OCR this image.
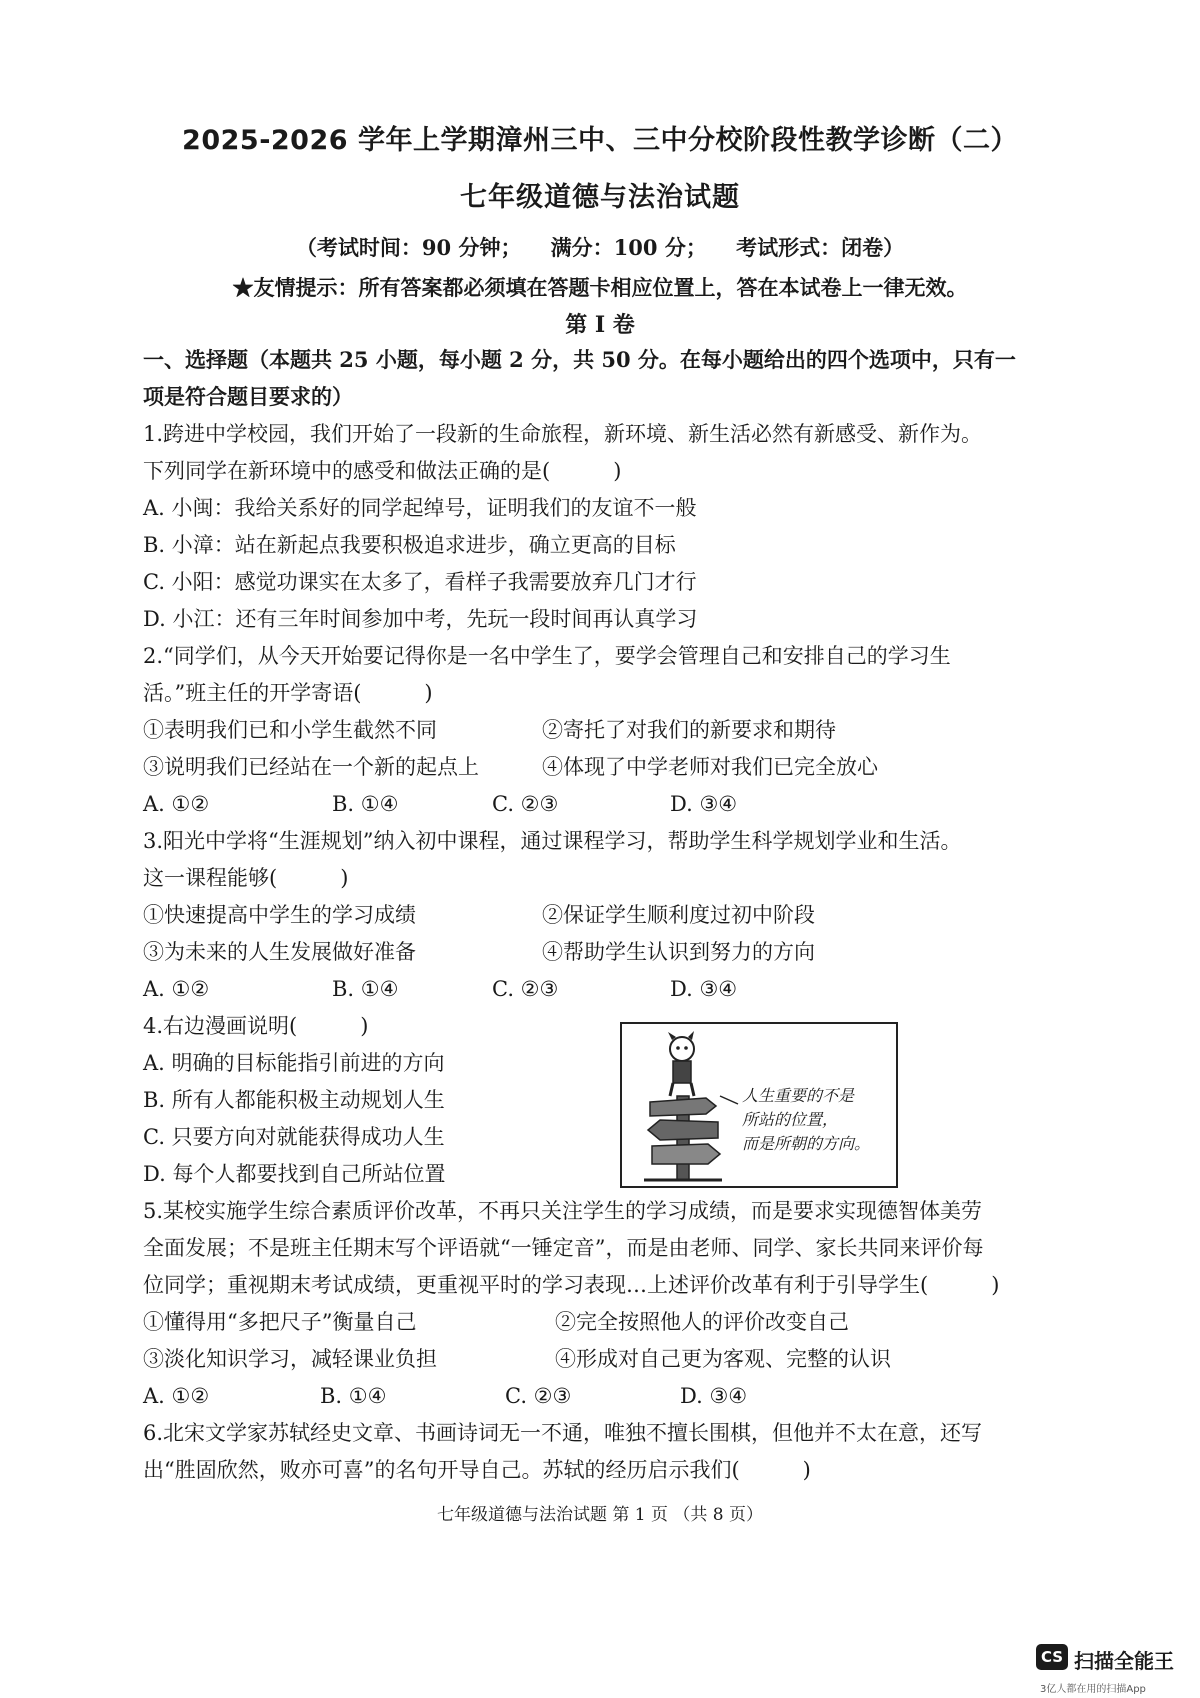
2025-2026 学年上学期漳州三中、三中分校阶段性教学诊断（二）
七年级道德与法治试题
（考试时间：90 分钟；    满分：100 分；    考试形式：闭卷）
★友情提示：所有答案都必须填在答题卡相应位置上，答在本试卷上一律无效。
第 I 卷
一、选择题（本题共 25 小题，每小题 2 分，共 50 分。在每小题给出的四个选项中，只有一
项是符合题目要求的）
1.跨进中学校园，我们开始了一段新的生命旅程，新环境、新生活必然有新感受、新作为。
下列同学在新环境中的感受和做法正确的是(　　　)
A. 小闽：我给关系好的同学起绰号，证明我们的友谊不一般
B. 小漳：站在新起点我要积极追求进步，确立更高的目标
C. 小阳：感觉功课实在太多了，看样子我需要放弃几门才行
D. 小江：还有三年时间参加中考，先玩一段时间再认真学习
2.“同学们，从今天开始要记得你是一名中学生了，要学会管理自己和安排自己的学习生
活。”班主任的开学寄语(　　　)
①表明我们已和小学生截然不同	②寄托了对我们的新要求和期待
③说明我们已经站在一个新的起点上	④体现了中学老师对我们已完全放心
A. ①②	B. ①④	C. ②③	D. ③④
3.阳光中学将“生涯规划”纳入初中课程，通过课程学习，帮助学生科学规划学业和生活。
这一课程能够(　　　)
①快速提高中学生的学习成绩	②保证学生顺利度过初中阶段
③为未来的人生发展做好准备	④帮助学生认识到努力的方向
A. ①②	B. ①④	C. ②③	D. ③④
4.右边漫画说明(　　　)
A. 明确的目标能指引前进的方向
B. 所有人都能积极主动规划人生
C. 只要方向对就能获得成功人生
D. 每个人都要找到自己所站位置
人生重要的不是
所站的位置，
而是所朝的方向。
5.某校实施学生综合素质评价改革，不再只关注学生的学习成绩，而是要求实现德智体美劳
全面发展；不是班主任期末写个评语就“一锤定音”，而是由老师、同学、家长共同来评价每
位同学；重视期末考试成绩，更重视平时的学习表现…上述评价改革有利于引导学生(　　　)
①懂得用“多把尺子”衡量自己	②完全按照他人的评价改变自己
③淡化知识学习，减轻课业负担	④形成对自己更为客观、完整的认识
A. ①②	B. ①④	C. ②③	D. ③④
6.北宋文学家苏轼经史文章、书画诗词无一不通，唯独不擅长围棋，但他并不太在意，还写
出“胜固欣然，败亦可喜”的名句开导自己。苏轼的经历启示我们(　　　)
七年级道德与法治试题 第 1 页 （共 8 页）
CS 扫描全能王
3亿人都在用的扫描App
